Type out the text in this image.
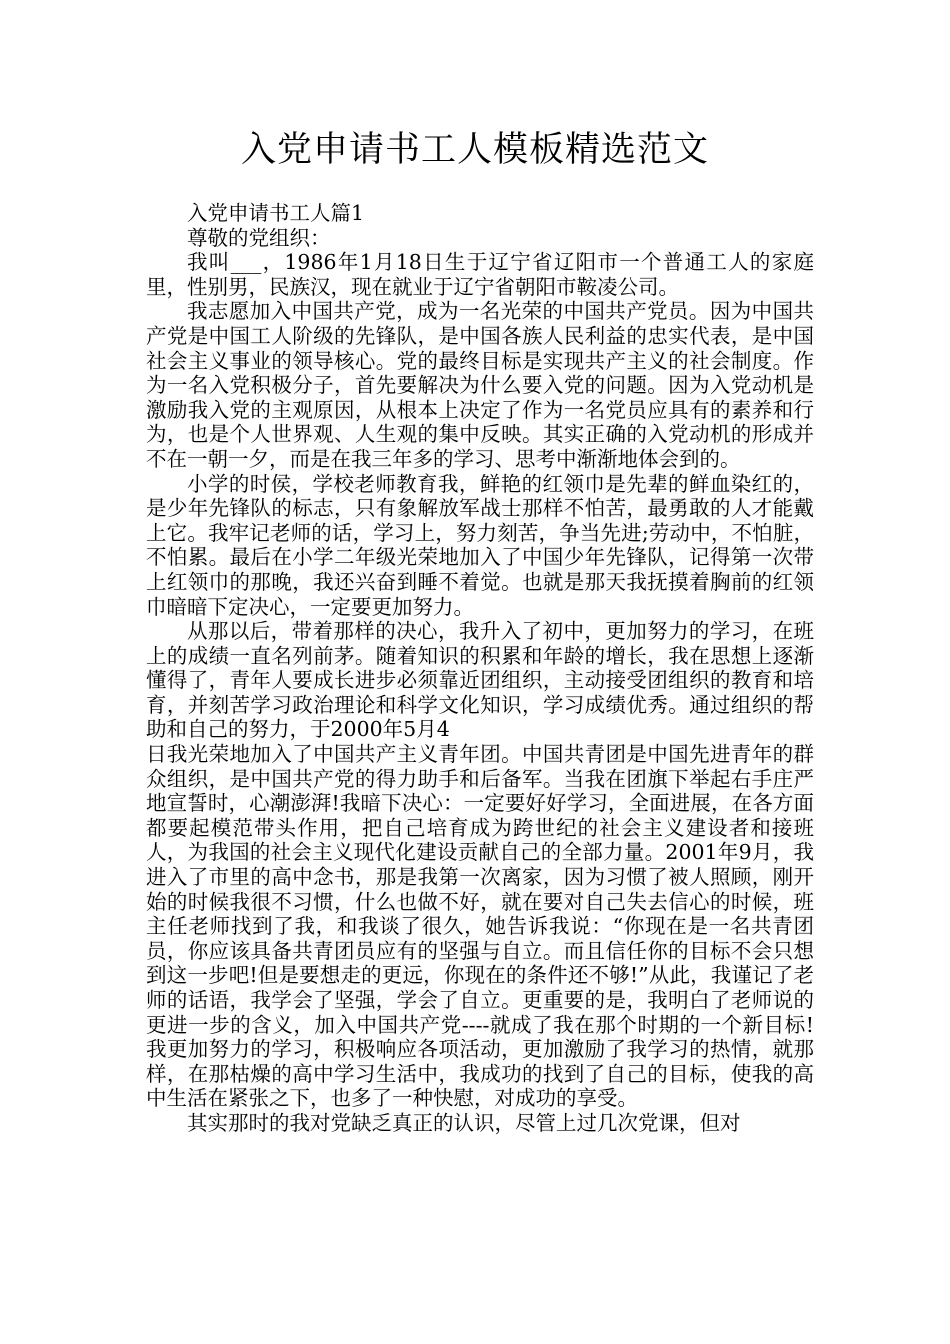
入党申请书工人模板精选范文

入党申请书工人篇1

尊敬的党组织：

我叫___，1986年1月18日生于辽宁省辽阳市一个普通工人的家庭里，性别男，民族汉，现在就业于辽宁省朝阳市鞍凌公司。

我志愿加入中国共产党，成为一名光荣的中国共产党员。因为中国共产党是中国工人阶级的先锋队，是中国各族人民利益的忠实代表，是中国社会主义事业的领导核心。党的最终目标是实现共产主义的社会制度。作为一名入党积极分子，首先要解决为什么要入党的问题。因为入党动机是激励我入党的主观原因，从根本上决定了作为一名党员应具有的素养和行为，也是个人世界观、人生观的集中反映。其实正确的入党动机的形成并不在一朝一夕，而是在我三年多的学习、思考中渐渐地体会到的。

小学的时侯，学校老师教育我，鲜艳的红领巾是先辈的鲜血染红的，是少年先锋队的标志，只有象解放军战士那样不怕苦，最勇敢的人才能戴上它。我牢记老师的话，学习上，努力刻苦，争当先进;劳动中，不怕脏，不怕累。最后在小学二年级光荣地加入了中国少年先锋队，记得第一次带上红领巾的那晚，我还兴奋到睡不着觉。也就是那天我抚摸着胸前的红领巾暗暗下定决心，一定要更加努力。

从那以后，带着那样的决心，我升入了初中，更加努力的学习，在班上的成绩一直名列前茅。随着知识的积累和年龄的增长，我在思想上逐渐懂得了，青年人要成长进步必须靠近团组织，主动接受团组织的教育和培育，并刻苦学习政治理论和科学文化知识，学习成绩优秀。通过组织的帮助和自己的努力，于2000年5月4

日我光荣地加入了中国共产主义青年团。中国共青团是中国先进青年的群众组织，是中国共产党的得力助手和后备军。当我在团旗下举起右手庄严地宣誓时，心潮澎湃!我暗下决心：一定要好好学习，全面进展，在各方面都要起模范带头作用，把自己培育成为跨世纪的社会主义建设者和接班人，为我国的社会主义现代化建设贡献自己的全部力量。2001年9月，我进入了市里的高中念书，那是我第一次离家，因为习惯了被人照顾，刚开始的时候我很不习惯，什么也做不好，就在要对自己失去信心的时候，班主任老师找到了我，和我谈了很久，她告诉我说：“你现在是一名共青团员，你应该具备共青团员应有的坚强与自立。而且信任你的目标不会只想到这一步吧!但是要想走的更远，你现在的条件还不够!”从此，我谨记了老师的话语，我学会了坚强，学会了自立。更重要的是，我明白了老师说的更进一步的含义，加入中国共产党----就成了我在那个时期的一个新目标!我更加努力的学习，积极响应各项活动，更加激励了我学习的热情，就那样，在那枯燥的高中学习生活中，我成功的找到了自己的目标，使我的高中生活在紧张之下，也多了一种快慰，对成功的享受。

其实那时的我对党缺乏真正的认识，尽管上过几次党课，但对
